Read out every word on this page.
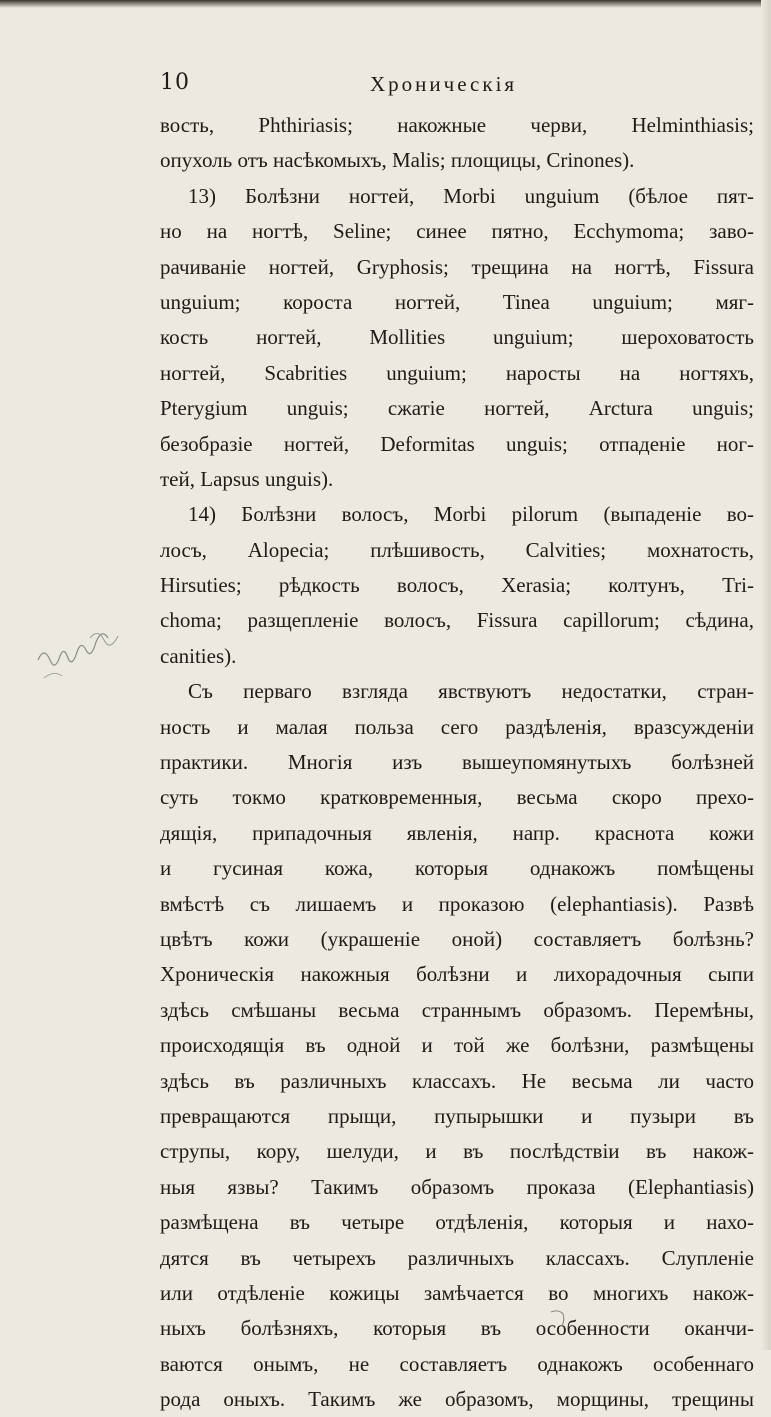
10	Хроническія
вость, Phthiriasis; накожные черви, Helminthiasis;
опухоль отъ насѣкомыхъ, Malis; площицы, Crinones).
13) Болѣзни ногтей, Morbi unguium (бѣлое пят-
но на ногтѣ, Seline; синее пятно, Ecchymoma; заво-
рачиваніе ногтей, Gryphosis; трещина на ногтѣ, Fissura
unguium; короста ногтей, Tinea unguium; мяг-
кость ногтей, Mollities unguium; шероховатость
ногтей, Scabrities unguium; наросты на ногтяхъ,
Pterygium unguis; сжатіе ногтей, Arctura unguis;
безобразіе ногтей, Deformitas unguis; отпаденіе ног-
тей, Lapsus unguis).
14) Болѣзни волосъ, Morbi pilorum (выпаденіе во-
лосъ, Alopecia; плѣшивость, Calvities; мохнатость,
Hirsuties; рѣдкость волосъ, Xerasia; колтунъ, Tri-
choma; разщепленіе волосъ, Fissura capillorum; сѣдина,
canities).
Съ перваго взгляда явствуютъ недостатки, стран-
ность и малая польза сего раздѣленія, вразсужденіи
практики. Многія изъ вышеупомянутыхъ болѣзней
суть токмо кратковременныя, весьма скоро прехо-
дящія, припадочныя явленія, напр. краснота кожи
и гусиная кожа, которыя однакожъ помѣщены
вмѣстѣ съ лишаемъ и проказою (elephantiasis). Развѣ
цвѣтъ кожи (украшеніе оной) составляетъ болѣзнь?
Хроническія накожныя болѣзни и лихорадочныя сыпи
здѣсь смѣшаны весьма страннымъ образомъ. Перемѣны,
происходящія въ одной и той же болѣзни, размѣщены
здѣсь въ различныхъ классахъ. Не весьма ли часто
превращаются прыщи, пупырышки и пузыри въ
струпы, кору, шелуди, и въ послѣдствіи въ накож-
ныя язвы? Такимъ образомъ проказа (Elephantiasis)
размѣщена въ четыре отдѣленія, которыя и нахо-
дятся въ четырехъ различныхъ классахъ. Слупленіе
или отдѣленіе кожицы замѣчается во многихъ накож-
ныхъ болѣзняхъ, которыя въ особенности оканчи-
ваются онымъ, не составляетъ однакожъ особеннаго
рода оныхъ. Такимъ же образомъ, морщины, трещины
